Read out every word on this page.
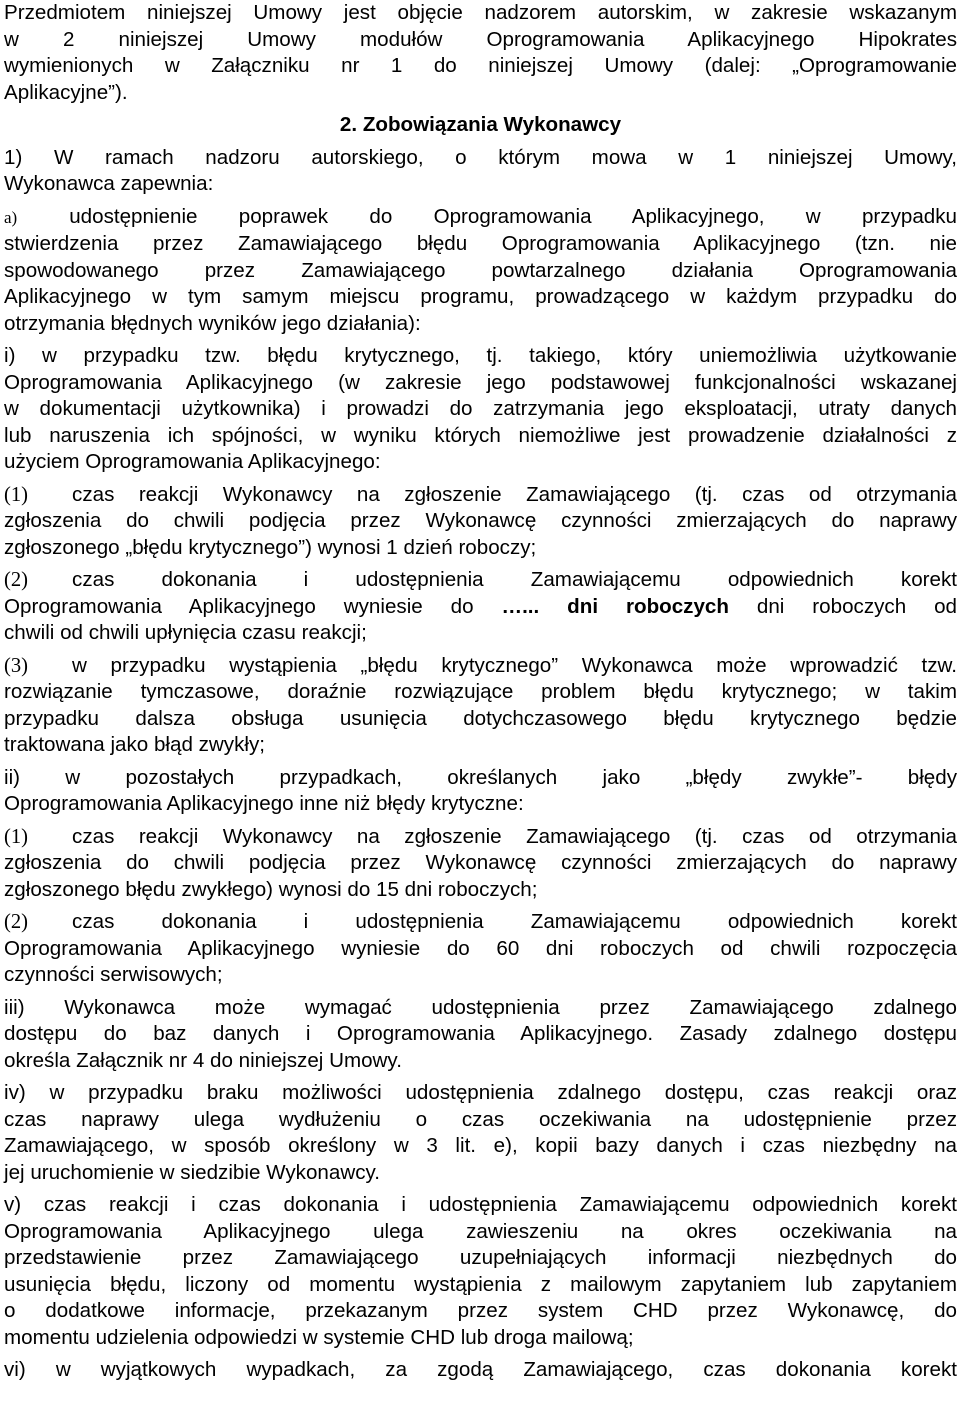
Przedmiotem niniejszej Umowy jest objęcie nadzorem autorskim, w zakresie wskazanym
w 2 niniejszej Umowy modułów Oprogramowania Aplikacyjnego Hipokrates
wymienionych w Załączniku nr 1 do niniejszej Umowy (dalej: „Oprogramowanie
Aplikacyjne”).
2. Zobowiązania Wykonawcy
1) W ramach nadzoru autorskiego, o którym mowa w 1 niniejszej Umowy,
Wykonawca zapewnia:
a)	udostępnienie poprawek do Oprogramowania Aplikacyjnego, w przypadku
stwierdzenia przez Zamawiającego błędu Oprogramowania Aplikacyjnego (tzn. nie
spowodowanego przez Zamawiającego powtarzalnego działania Oprogramowania
Aplikacyjnego w tym samym miejscu programu, prowadzącego w każdym przypadku do
otrzymania błędnych wyników jego działania):
i) w przypadku tzw. błędu krytycznego, tj. takiego, który uniemożliwia użytkowanie
Oprogramowania Aplikacyjnego (w zakresie jego podstawowej funkcjonalności wskazanej
w dokumentacji użytkownika) i prowadzi do zatrzymania jego eksploatacji, utraty danych
lub naruszenia ich spójności, w wyniku których niemożliwe jest prowadzenie działalności z
użyciem Oprogramowania Aplikacyjnego:
(1) czas reakcji Wykonawcy na zgłoszenie Zamawiającego (tj. czas od otrzymania
zgłoszenia do chwili podjęcia przez Wykonawcę czynności zmierzających do naprawy
zgłoszonego „błędu krytycznego”) wynosi 1 dzień roboczy;
(2) czas dokonania i udostępnienia Zamawiającemu odpowiednich korekt
Oprogramowania Aplikacyjnego wyniesie do …... dni roboczych dni roboczych od
chwili od chwili upłynięcia czasu reakcji;
(3) w przypadku wystąpienia „błędu krytycznego” Wykonawca może wprowadzić tzw.
rozwiązanie tymczasowe, doraźnie rozwiązujące problem błędu krytycznego; w takim
przypadku dalsza obsługa usunięcia dotychczasowego błędu krytycznego będzie
traktowana jako błąd zwykły;
ii) w pozostałych przypadkach, określanych jako „błędy zwykłe”- błędy
Oprogramowania Aplikacyjnego inne niż błędy krytyczne:
(1) czas reakcji Wykonawcy na zgłoszenie Zamawiającego (tj. czas od otrzymania
zgłoszenia do chwili podjęcia przez Wykonawcę czynności zmierzających do naprawy
zgłoszonego błędu zwykłego) wynosi do 15 dni roboczych;
(2) czas dokonania i udostępnienia Zamawiającemu odpowiednich korekt
Oprogramowania Aplikacyjnego wyniesie do 60 dni roboczych od chwili rozpoczęcia
czynności serwisowych;
iii) Wykonawca może wymagać udostępnienia przez Zamawiającego zdalnego
dostępu do baz danych i Oprogramowania Aplikacyjnego. Zasady zdalnego dostępu
określa Załącznik nr 4 do niniejszej Umowy.
iv) w przypadku braku możliwości udostępnienia zdalnego dostępu, czas reakcji oraz
czas naprawy ulega wydłużeniu o czas oczekiwania na udostępnienie przez
Zamawiającego, w sposób określony w 3 lit. e), kopii bazy danych i czas niezbędny na
jej uruchomienie w siedzibie Wykonawcy.
v) czas reakcji i czas dokonania i udostępnienia Zamawiającemu odpowiednich korekt
Oprogramowania Aplikacyjnego ulega zawieszeniu na okres oczekiwania na
przedstawienie przez Zamawiającego uzupełniających informacji niezbędnych do
usunięcia błędu, liczony od momentu wystąpienia z mailowym zapytaniem lub zapytaniem
o dodatkowe informacje, przekazanym przez system CHD przez Wykonawcę, do
momentu udzielenia odpowiedzi w systemie CHD lub droga mailową;
vi) w wyjątkowych wypadkach, za zgodą Zamawiającego, czas dokonania korekt
